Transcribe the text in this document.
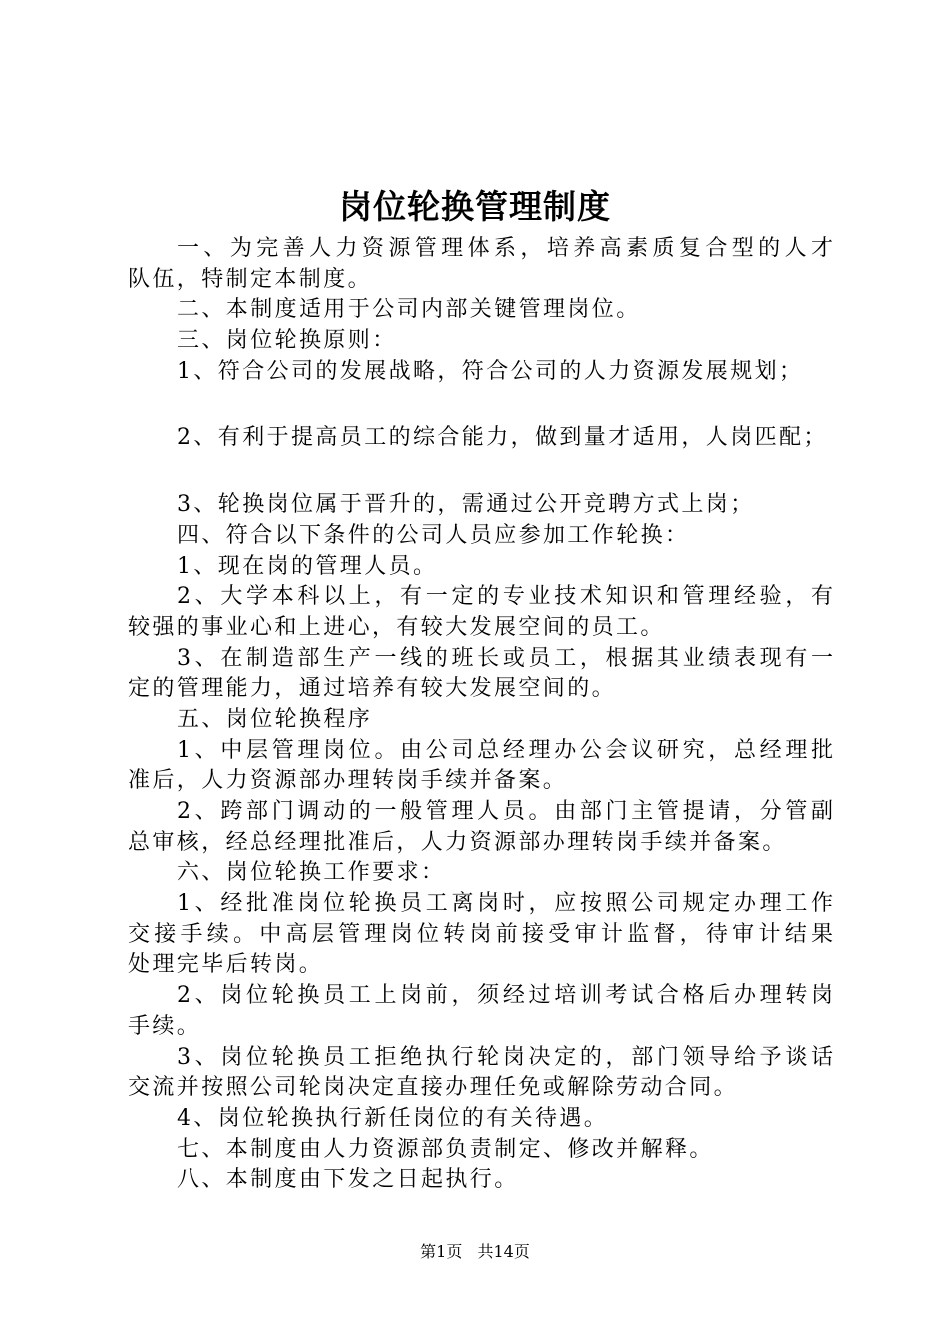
岗位轮换管理制度
一、为完善人力资源管理体系，培养高素质复合型的人才
队伍，特制定本制度。
二、本制度适用于公司内部关键管理岗位。
三、岗位轮换原则：
1、符合公司的发展战略，符合公司的人力资源发展规划；
2、有利于提高员工的综合能力，做到量才适用，人岗匹配；
3、轮换岗位属于晋升的，需通过公开竞聘方式上岗；
四、符合以下条件的公司人员应参加工作轮换：
1、现在岗的管理人员。
2、大学本科以上，有一定的专业技术知识和管理经验，有
较强的事业心和上进心，有较大发展空间的员工。
3、在制造部生产一线的班长或员工，根据其业绩表现有一
定的管理能力，通过培养有较大发展空间的。
五、岗位轮换程序
1、中层管理岗位。由公司总经理办公会议研究，总经理批
准后，人力资源部办理转岗手续并备案。
2、跨部门调动的一般管理人员。由部门主管提请，分管副
总审核，经总经理批准后，人力资源部办理转岗手续并备案。
六、岗位轮换工作要求：
1、经批准岗位轮换员工离岗时，应按照公司规定办理工作
交接手续。中高层管理岗位转岗前接受审计监督，待审计结果
处理完毕后转岗。
2、岗位轮换员工上岗前，须经过培训考试合格后办理转岗
手续。
3、岗位轮换员工拒绝执行轮岗决定的，部门领导给予谈话
交流并按照公司轮岗决定直接办理任免或解除劳动合同。
4、岗位轮换执行新任岗位的有关待遇。
七、本制度由人力资源部负责制定、修改并解释。
八、本制度由下发之日起执行。
第1页 共14页
